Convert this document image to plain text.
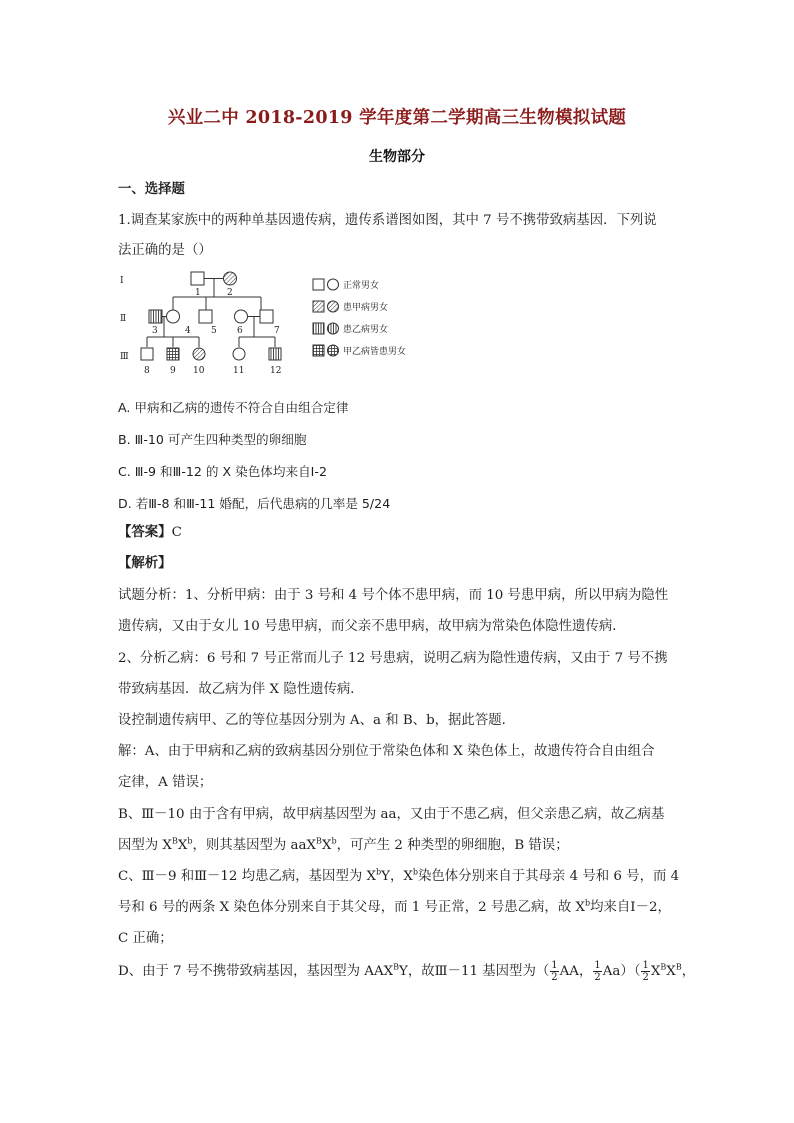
兴业二中 2018-2019 学年度第二学期高三生物模拟试题
生物部分
一、选择题
1.调查某家族中的两种单基因遗传病，遗传系谱图如图，其中 7 号不携带致病基因．下列说
法正确的是（）
Ⅰ
Ⅱ
Ⅲ
1	2
3	4 5 6	7
8 9 10	11	12
正常男女
患甲病男女
患乙病男女
甲乙病皆患男女
A. 甲病和乙病的遗传不符合自由组合定律
B. Ⅲ-10 可产生四种类型的卵细胞
C. Ⅲ-9 和Ⅲ-12 的 X 染色体均来自Ⅰ-2
D. 若Ⅲ-8 和Ⅲ-11 婚配，后代患病的几率是 5/24
【答案】C
【解析】
试题分析：1、分析甲病：由于 3 号和 4 号个体不患甲病，而 10 号患甲病，所以甲病为隐性
遗传病，又由于女儿 10 号患甲病，而父亲不患甲病，故甲病为常染色体隐性遗传病．
2、分析乙病：6 号和 7 号正常而儿子 12 号患病，说明乙病为隐性遗传病，又由于 7 号不携
带致病基因．故乙病为伴 X 隐性遗传病．
设控制遗传病甲、乙的等位基因分别为 A、a 和 B、b，据此答题．
解：A、由于甲病和乙病的致病基因分别位于常染色体和 X 染色体上，故遗传符合自由组合
定律，A 错误；
B、Ⅲ－10 由于含有甲病，故甲病基因型为 aa，又由于不患乙病，但父亲患乙病，故乙病基
因型为 $X^BX^b$，则其基因型为 $aaX^BX^b$，可产生 2 种类型的卵细胞，B 错误；
C、Ⅲ－9 和Ⅲ－12 均患乙病，基因型为 $X^bY$，$X^b$染色体分别来自于其母亲 4 号和 6 号，而 4
号和 6 号的两条 X 染色体分别来自于其父母，而 1 号正常，2 号患乙病，故 $X^b$均来自Ⅰ－2，
C 正确；
D、由于 7 号不携带致病基因，基因型为 $AAX^BY$，故Ⅲ－11 基因型为（ $\frac{1}{2}$ AA， $\frac{1}{2} Aa)( \frac{1}{2} X^BX^B$，
